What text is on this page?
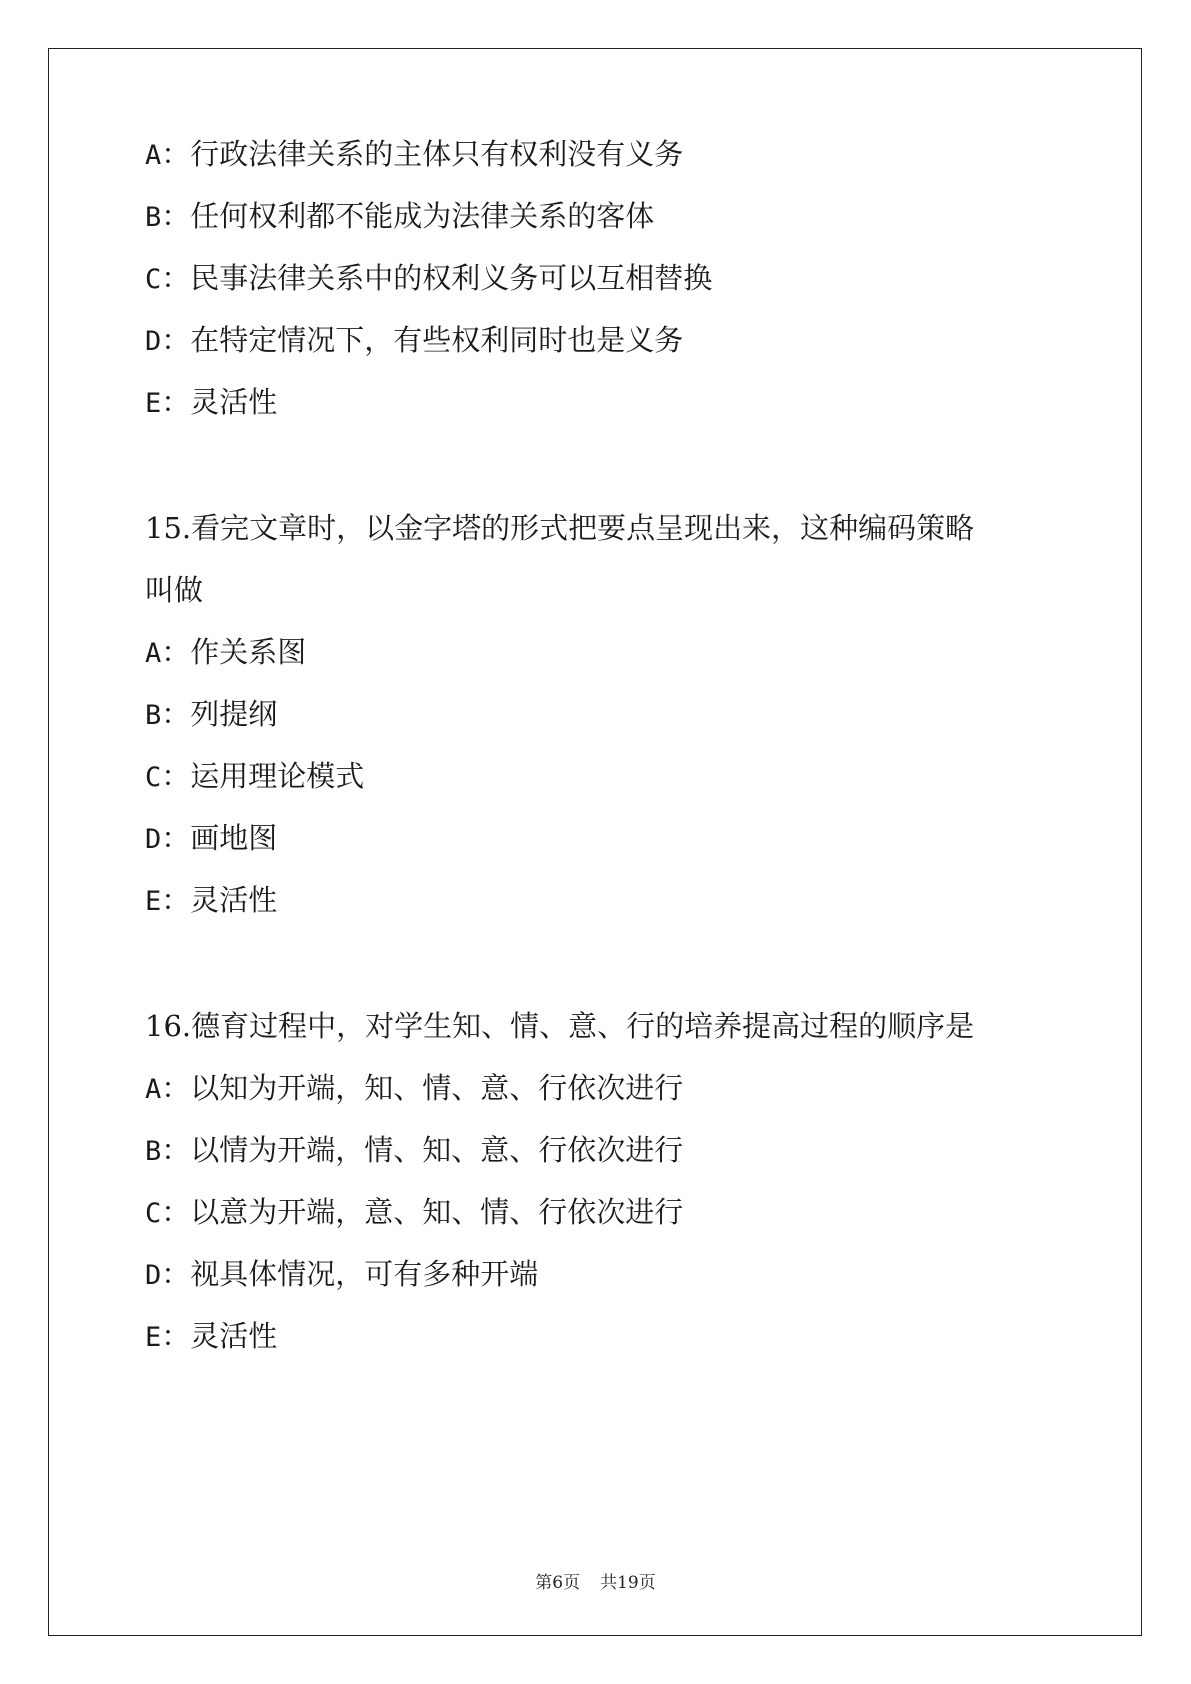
A：行政法律关系的主体只有权利没有义务
B：任何权利都不能成为法律关系的客体
C：民事法律关系中的权利义务可以互相替换
D：在特定情况下，有些权利同时也是义务
E：灵活性
15.看完文章时，以金字塔的形式把要点呈现出来，这种编码策略
叫做
A：作关系图
B：列提纲
C：运用理论模式
D：画地图
E：灵活性
16.德育过程中，对学生知、情、意、行的培养提高过程的顺序是
A：以知为开端，知、情、意、行依次进行
B：以情为开端，情、知、意、行依次进行
C：以意为开端，意、知、情、行依次进行
D：视具体情况，可有多种开端
E：灵活性
第6页 共19页
